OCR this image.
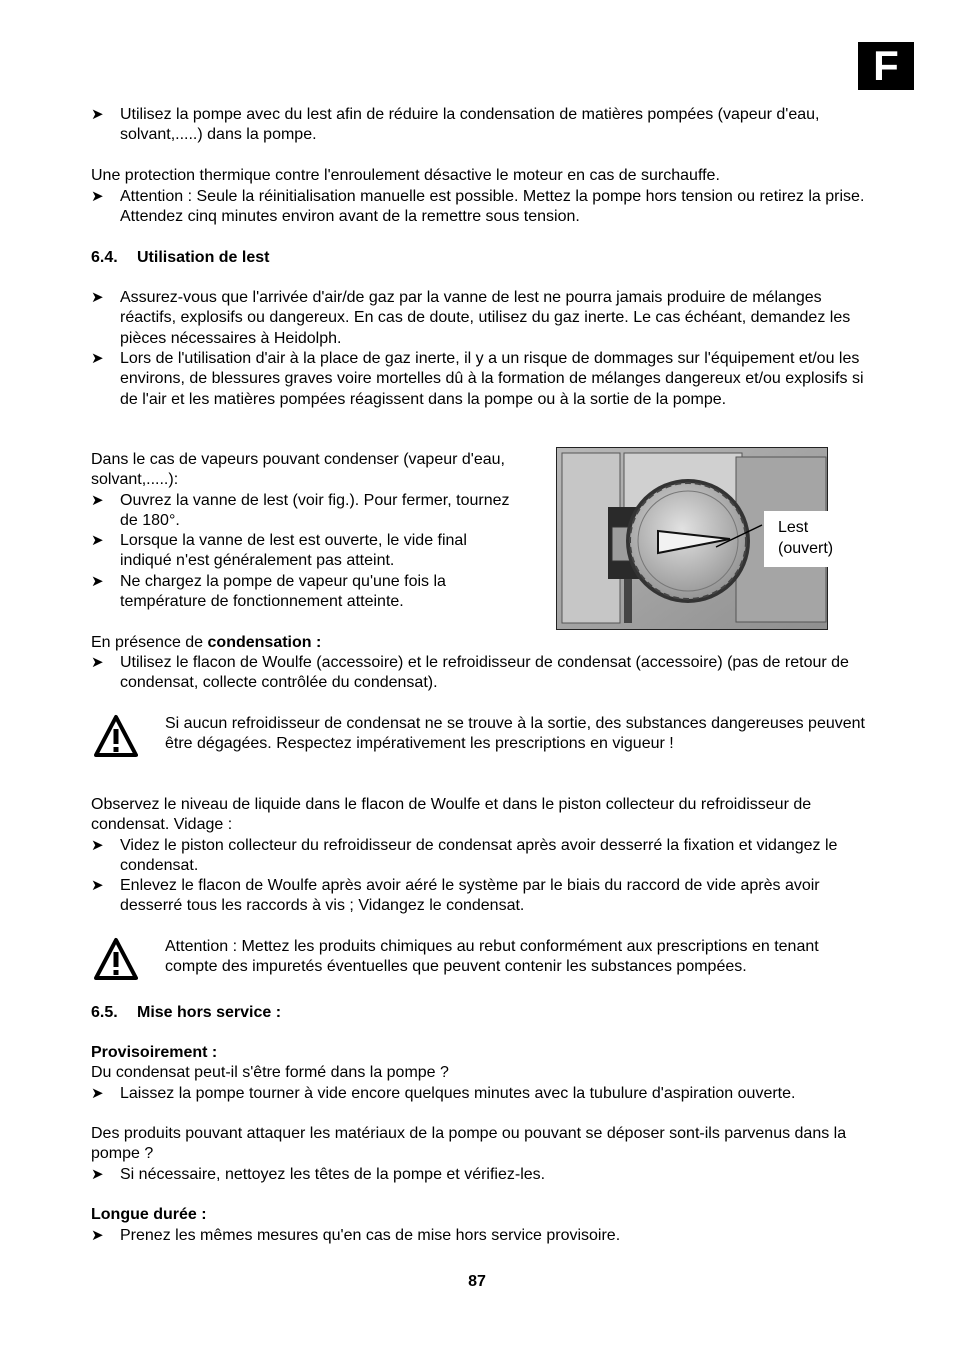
F
➤ Utilisez la pompe avec du lest afin de réduire la condensation de matières pompées (vapeur d'eau, solvant,.....) dans la pompe.
Une protection thermique contre l'enroulement désactive le moteur en cas de surchauffe.
➤ Attention : Seule la réinitialisation manuelle est possible. Mettez la pompe hors tension ou retirez la prise. Attendez cinq minutes environ avant de la remettre sous tension.
6.4. Utilisation de lest
➤ Assurez-vous que l'arrivée d'air/de gaz par la vanne de lest ne pourra jamais produire de mélanges réactifs, explosifs ou dangereux. En cas de doute, utilisez du gaz inerte. Le cas échéant, demandez les pièces nécessaires à Heidolph.
➤ Lors de l'utilisation d'air à la place de gaz inerte, il y a un risque de dommages sur l'équipement et/ou les environs, de blessures graves voire mortelles dû à la formation de mélanges dangereux et/ou explosifs si de l'air et les matières pompées réagissent dans la pompe ou à la sortie de la pompe.
Dans le cas de vapeurs pouvant condenser (vapeur d'eau, solvant,.....):
➤ Ouvrez la vanne de lest (voir fig.). Pour fermer, tournez de 180°.
➤ Lorsque la vanne de lest est ouverte, le vide final indiqué n'est généralement pas atteint.
➤ Ne chargez la pompe de vapeur qu'une fois la température de fonctionnement atteinte.
Lest
(ouvert)
En présence de condensation :
➤ Utilisez le flacon de Woulfe (accessoire) et le refroidisseur de condensat (accessoire) (pas de retour de condensat, collecte contrôlée du condensat).
Si aucun refroidisseur de condensat ne se trouve à la sortie, des substances dangereuses peuvent être dégagées. Respectez impérativement les prescriptions en vigueur !
Observez le niveau de liquide dans le flacon de Woulfe et dans le piston collecteur du refroidisseur de condensat. Vidage :
➤ Videz le piston collecteur du refroidisseur de condensat après avoir desserré la fixation et vidangez le condensat.
➤ Enlevez le flacon de Woulfe après avoir aéré le système par le biais du raccord de vide après avoir desserré tous les raccords à vis ; Vidangez le condensat.
Attention : Mettez les produits chimiques au rebut conformément aux prescriptions en tenant compte des impuretés éventuelles que peuvent contenir les substances pompées.
6.5. Mise hors service :
Provisoirement :
Du condensat peut-il s'être formé dans la pompe ?
➤ Laissez la pompe tourner à vide encore quelques minutes avec la tubulure d'aspiration ouverte.
Des produits pouvant attaquer les matériaux de la pompe ou pouvant se déposer sont-ils parvenus dans la pompe ?
➤ Si nécessaire, nettoyez les têtes de la pompe et vérifiez-les.
Longue durée :
➤ Prenez les mêmes mesures qu'en cas de mise hors service provisoire.
87
